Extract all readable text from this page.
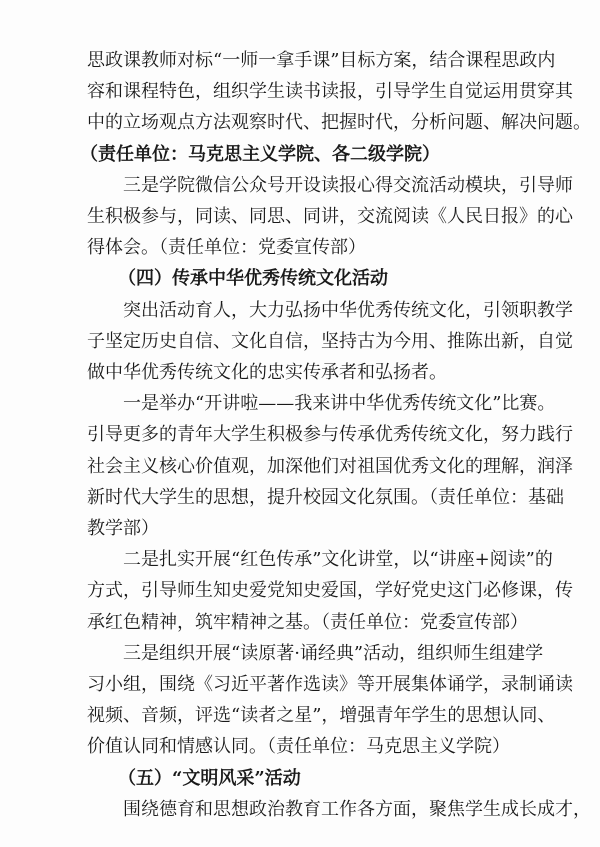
思政课教师对标“一师一拿手课”目标方案，结合课程思政内
容和课程特色，组织学生读书读报，引导学生自觉运用贯穿其
中的立场观点方法观察时代、把握时代，分析问题、解决问题。
（责任单位：马克思主义学院、各二级学院）
三是学院微信公众号开设读报心得交流活动模块，引导师
生积极参与，同读、同思、同讲，交流阅读《人民日报》的心
得体会。（责任单位：党委宣传部）
（四）传承中华优秀传统文化活动
突出活动育人，大力弘扬中华优秀传统文化，引领职教学
子坚定历史自信、文化自信，坚持古为今用、推陈出新，自觉
做中华优秀传统文化的忠实传承者和弘扬者。
一是举办“开讲啦——我来讲中华优秀传统文化”比赛。
引导更多的青年大学生积极参与传承优秀传统文化，努力践行
社会主义核心价值观，加深他们对祖国优秀文化的理解，润泽
新时代大学生的思想，提升校园文化氛围。（责任单位：基础
教学部）
二是扎实开展“红色传承”文化讲堂，以“讲座+阅读”的
方式，引导师生知史爱党知史爱国，学好党史这门必修课，传
承红色精神，筑牢精神之基。（责任单位：党委宣传部）
三是组织开展“读原著·诵经典”活动，组织师生组建学
习小组，围绕《习近平著作选读》等开展集体诵学，录制诵读
视频、音频，评选“读者之星”，增强青年学生的思想认同、
价值认同和情感认同。（责任单位：马克思主义学院）
（五）“文明风采”活动
围绕德育和思想政治教育工作各方面，聚焦学生成长成才，
